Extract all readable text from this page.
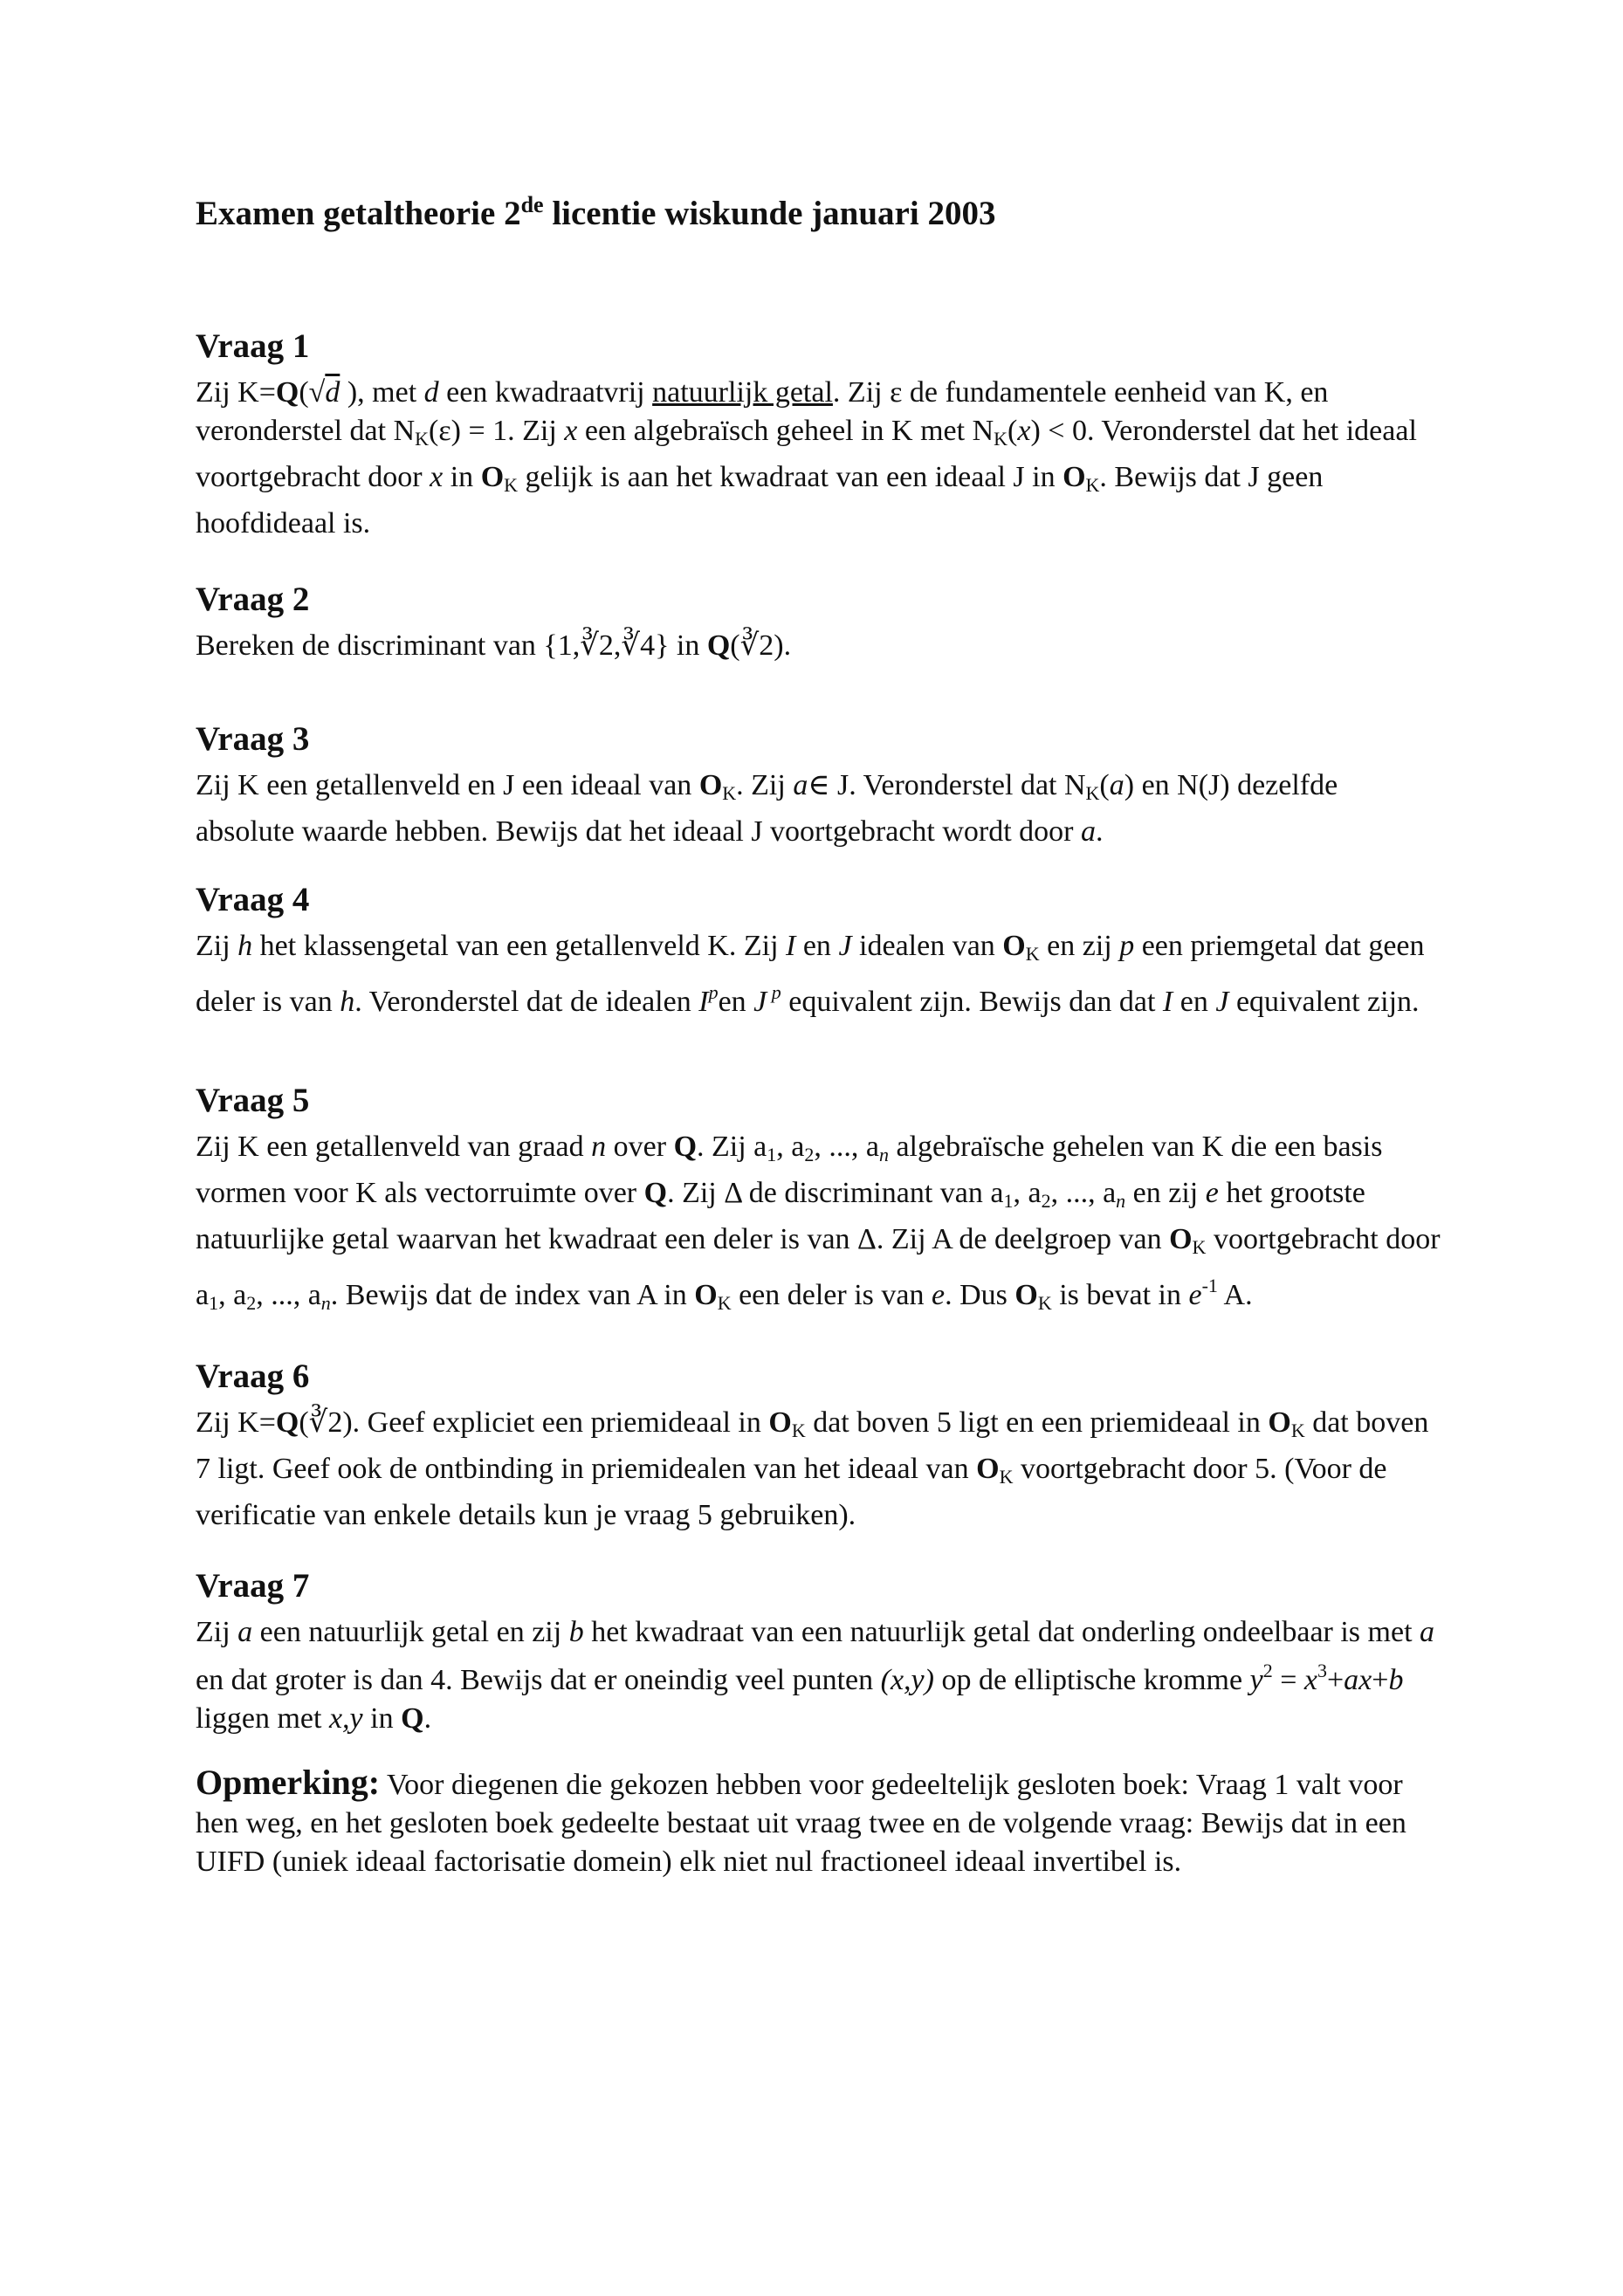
Examen getaltheorie 2de licentie wiskunde januari 2003
Vraag 1

Zij K=Q(√d ), met d een kwadraatvrij natuurlijk getal. Zij ε de fundamentele eenheid van K, en veronderstel dat $N_K(\varepsilon) = 1$. Zij x een algebraïsch geheel in K met $N_K(x) < 0$. Veronderstel dat het ideaal voortgebracht door x in $O_K$ gelijk is aan het kwadraat van een ideaal J in $O_K$. Bewijs dat J geen hoofdideaal is.

Vraag 2

Bereken de discriminant van {1,∛2,∛4} in Q(∛2).

Vraag 3

Zij K een getallenveld en J een ideaal van $O_K$. Zij a∈ J. Veronderstel dat $N_K(a)$ en N(J) dezelfde absolute waarde hebben. Bewijs dat het ideaal J voortgebracht wordt door a.

Vraag 4

Zij h het klassengetal van een getallenveld K. Zij I en J idealen van $O_K$ en zij p een priemgetal dat geen deler is van h. Veronderstel dat de idealen $I^pen$ J $^p$ equivalent zijn. Bewijs dan dat I en J equivalent zijn.

Vraag 5

Zij K een getallenveld van graad n over Q. Zij $a_1$, $a_2$, ..., $a_n$ algebraïsche gehelen van K die een basis vormen voor K als vectorruimte over Q. Zij Δ de discriminant van $a_1$, $a_2$, ..., $a_n$ en zij e het grootste natuurlijke getal waarvan het kwadraat een deler is van Δ. Zij A de deelgroep van $O_K$ voortgebracht door $a_1$, $a_2$, ..., $a_n$. Bewijs dat de index van A in $O_K$ een deler is van e. Dus $O_K$ is bevat in $e^{-1}$ A.

Vraag 6

Zij K=Q(∛2). Geef expliciet een priemideaal in $O_K$ dat boven 5 ligt en een priemideaal in $O_K$ dat boven 7 ligt. Geef ook de ontbinding in priemidealen van het ideaal van $O_K$ voortgebracht door 5. (Voor de verificatie van enkele details kun je vraag 5 gebruiken).

Vraag 7

Zij a een natuurlijk getal en zij b het kwadraat van een natuurlijk getal dat onderling ondeelbaar is met a en dat groter is dan 4. Bewijs dat er oneindig veel punten (x,y) op de elliptische kromme $y^2 = x^3+ax+b$ liggen met x,y in Q.

Opmerking: Voor diegenen die gekozen hebben voor gedeeltelijk gesloten boek: Vraag 1 valt voor hen weg, en het gesloten boek gedeelte bestaat uit vraag twee en de volgende vraag: Bewijs dat in een UIFD (uniek ideaal factorisatie domein) elk niet nul fractioneel ideaal invertibel is.
